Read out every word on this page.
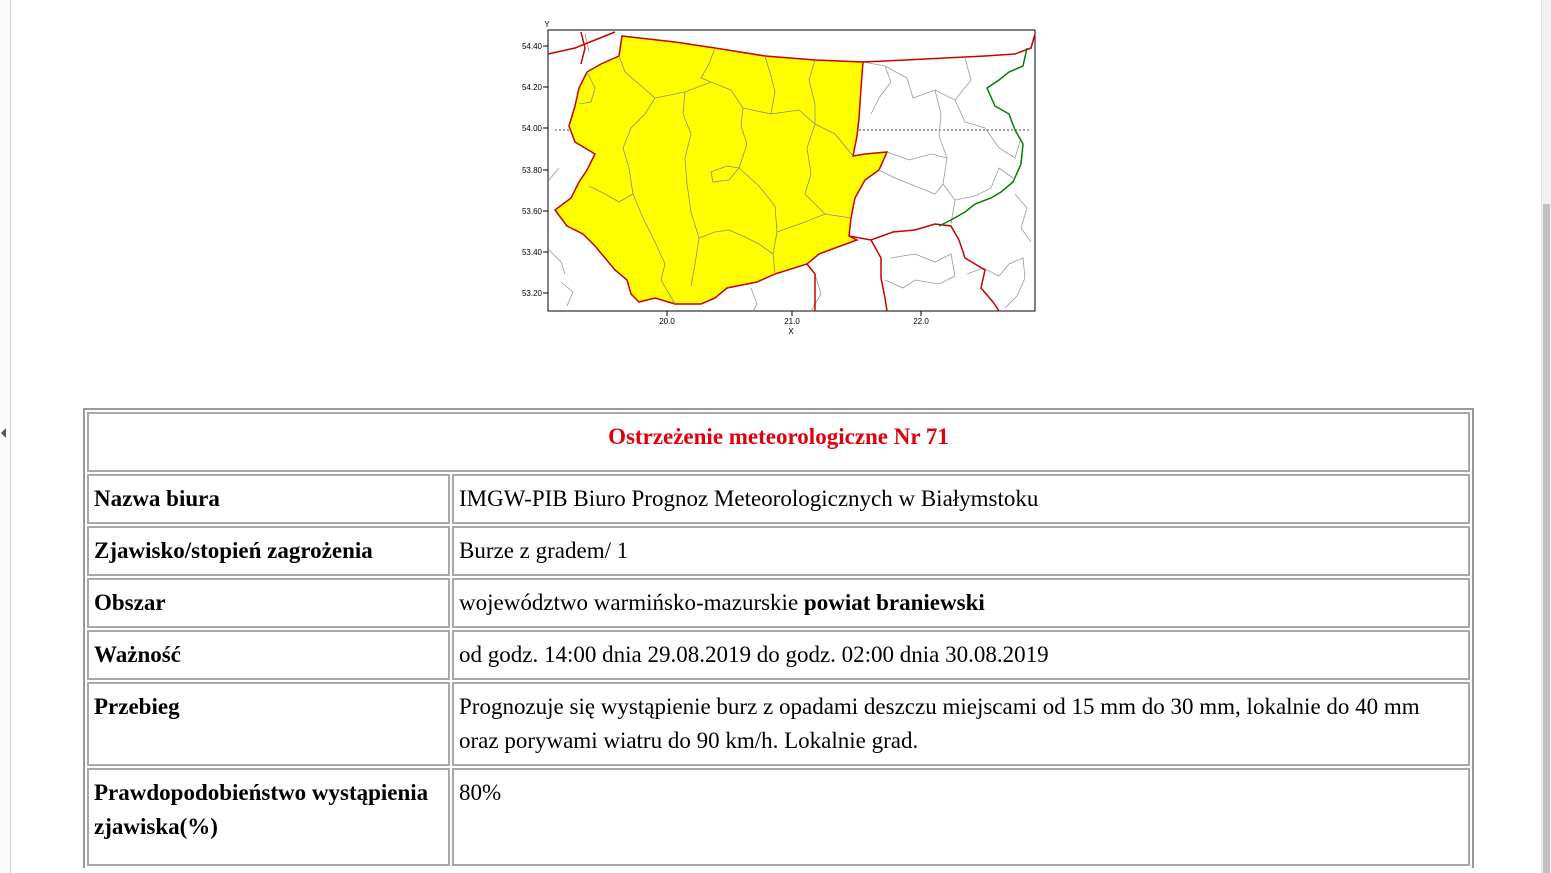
54.40
54.20
54.00
53.80
53.60
53.40
53.20
20.0	21.0	22.0
Y
X
Ostrzeżenie meteorologiczne Nr 71	
Nazwa biura	IMGW-PIB Biuro Prognoz Meteorologicznych w Białymstoku
Zjawisko/stopień zagrożenia	Burze z gradem/ 1
Obszar	województwo warmińsko-mazurskie powiat braniewski
Ważność	od godz. 14:00 dnia 29.08.2019 do godz. 02:00 dnia 30.08.2019
Przebieg	Prognozuje się wystąpienie burz z opadami deszczu miejscami od 15 mm do 30 mm, lokalnie do 40 mm oraz porywami wiatru do 90 km/h. Lokalnie grad.
Prawdopodobieństwo wystąpienia zjawiska(%)	80%
